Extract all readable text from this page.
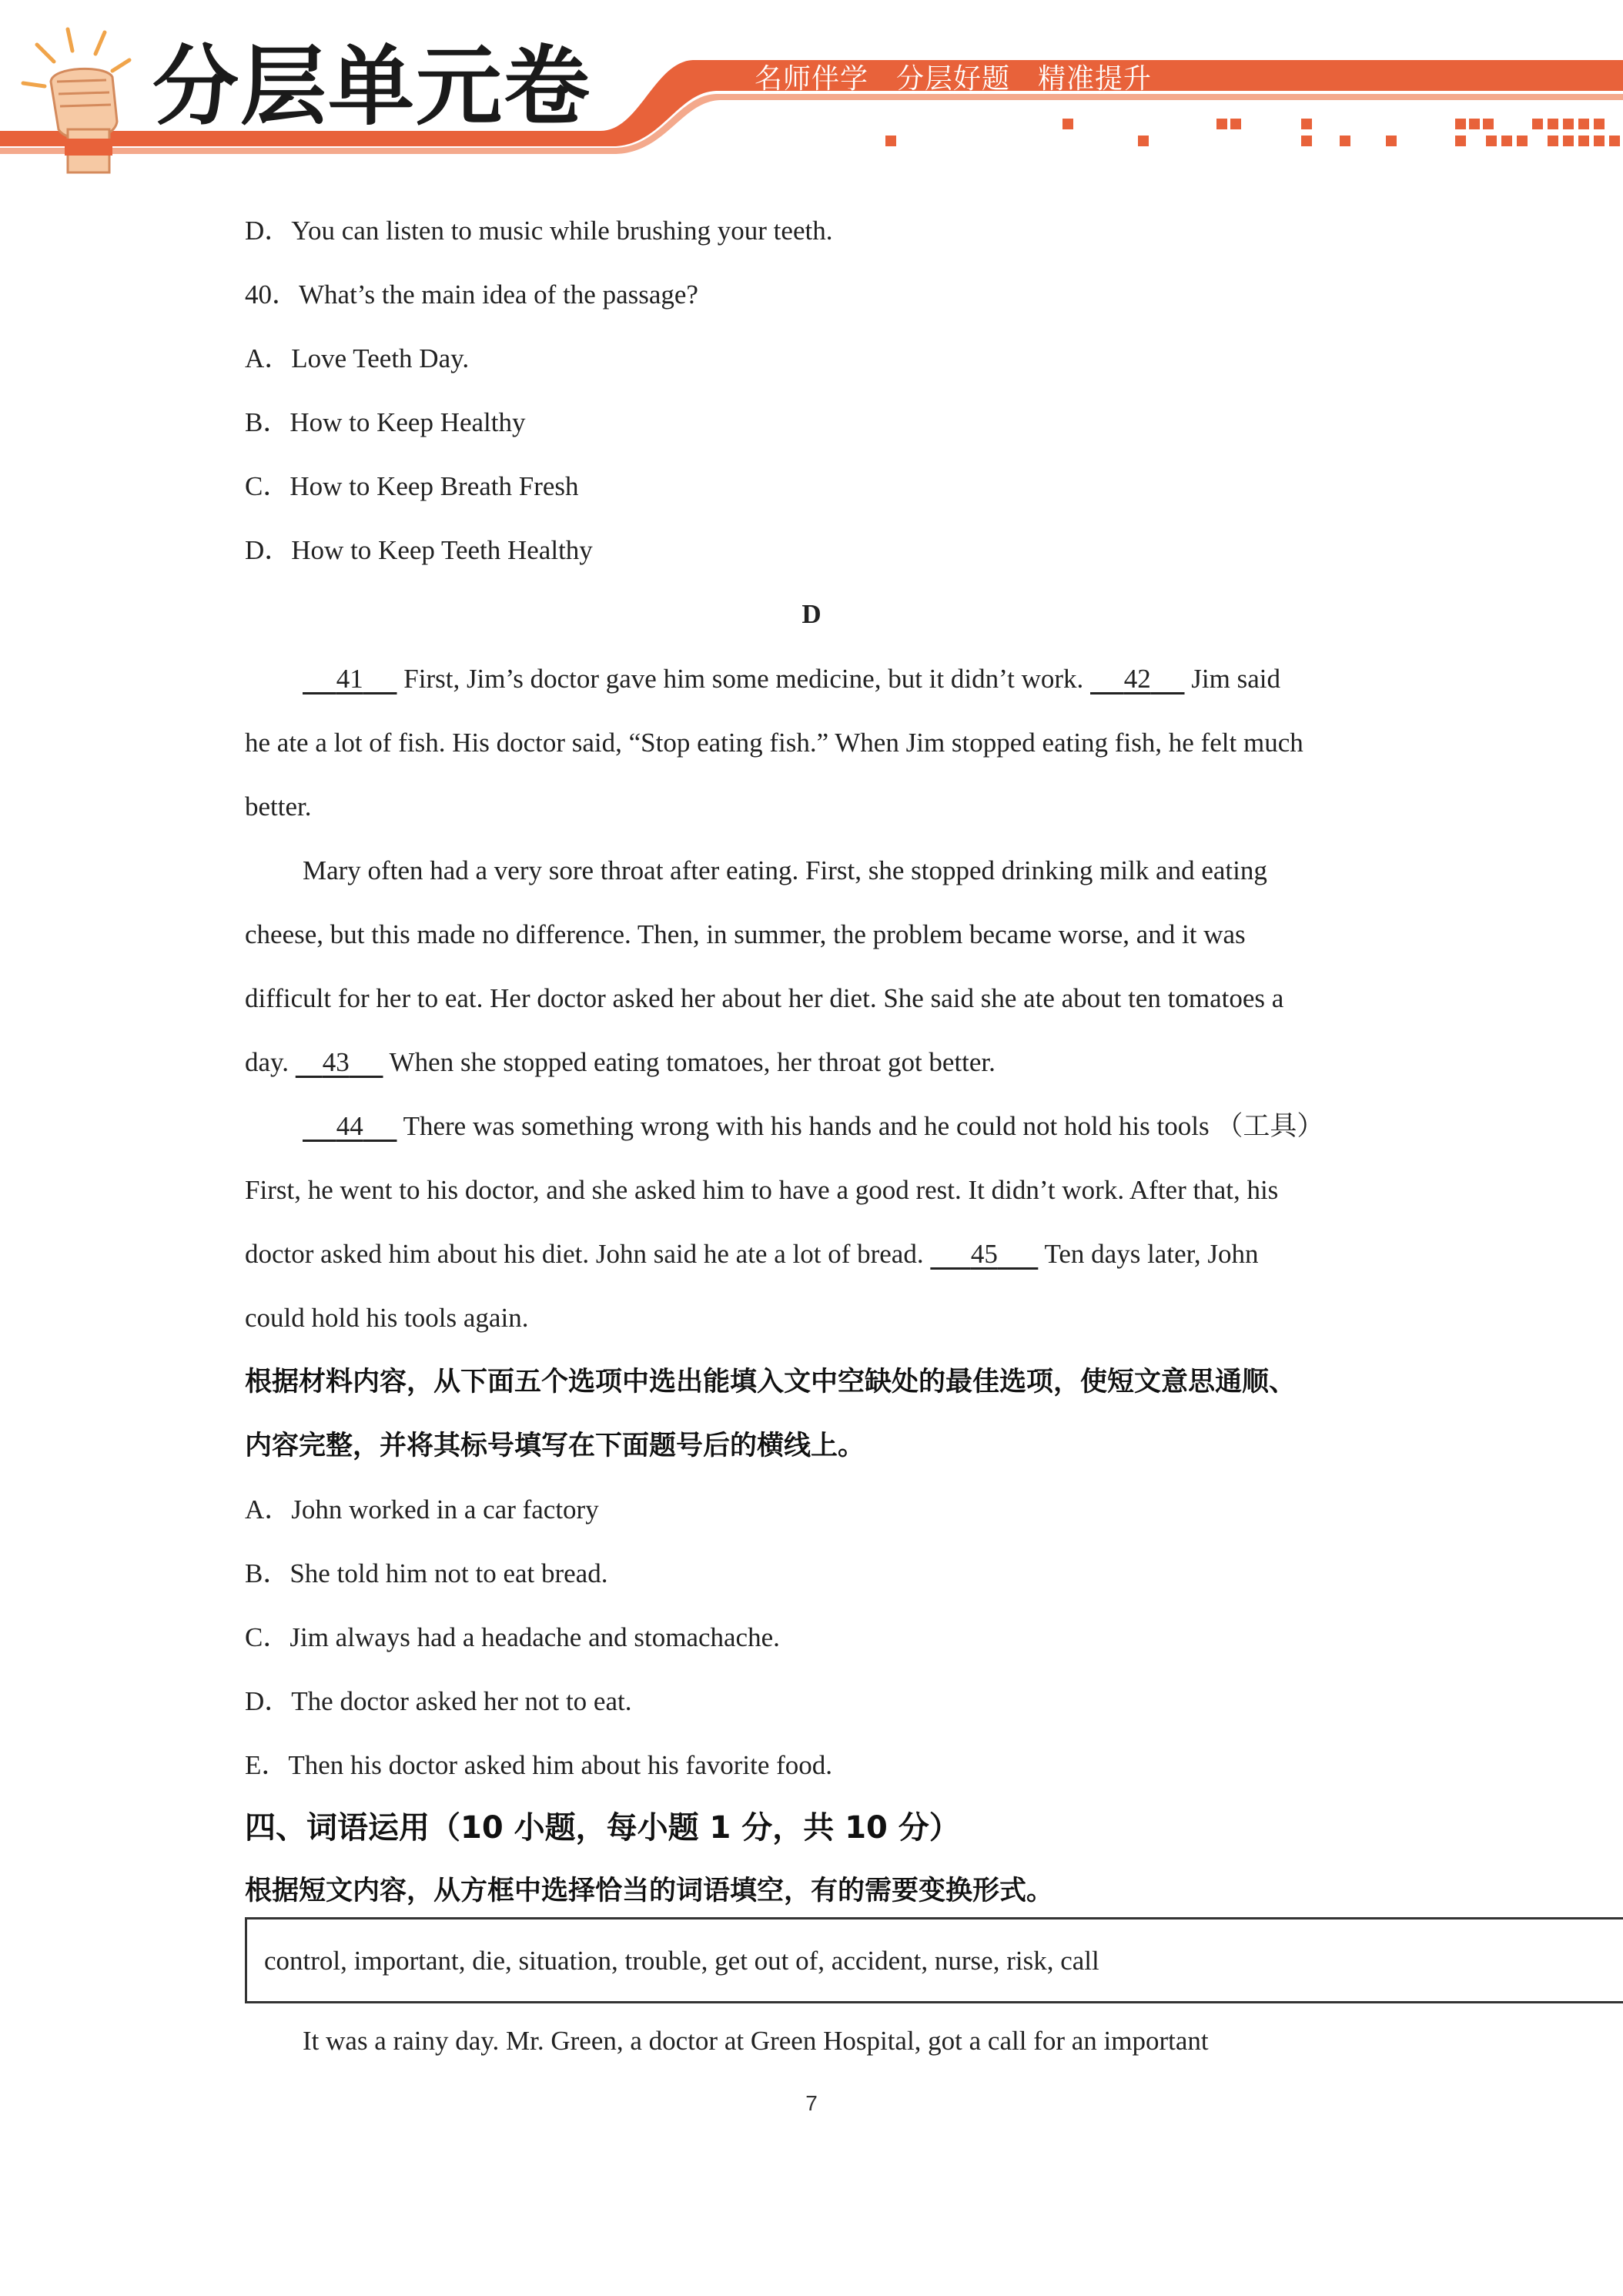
分层单元卷	名师伴学 分层好题 精准提升
D．You can listen to music while brushing your teeth.
40．What’s the main idea of the passage?
A．Love Teeth Day.
B．How to Keep Healthy
C．How to Keep Breath Fresh
D．How to Keep Teeth Healthy
D
41      First, Jim’s doctor gave him some medicine, but it didn’t work.      42      Jim said
he ate a lot of fish. His doctor said, “Stop eating fish.” When Jim stopped eating fish, he felt much
better.
Mary often had a very sore throat after eating. First, she stopped drinking milk and eating
cheese, but this made no difference. Then, in summer, the problem became worse, and it was
difficult for her to eat. Her doctor asked her about her diet. She said she ate about ten tomatoes a
day.     43      When she stopped eating tomatoes, her throat got better.
44      There was something wrong with his hands and he could not hold his tools （工具）
First, he went to his doctor, and she asked him to have a good rest. It didn’t work. After that, his
doctor asked him about his diet. John said he ate a lot of bread.       45       Ten days later, John
could hold his tools again.
根据材料内容，从下面五个选项中选出能填入文中空缺处的最佳选项，使短文意思通顺、
内容完整，并将其标号填写在下面题号后的横线上。
A．John worked in a car factory
B．She told him not to eat bread.
C．Jim always had a headache and stomachache.
D．The doctor asked her not to eat.
E．Then his doctor asked him about his favorite food.
四、词语运用（10 小题，每小题 1 分，共 10 分）
根据短文内容，从方框中选择恰当的词语填空，有的需要变换形式。
control, important, die, situation, trouble, get out of, accident, nurse, risk, call
It was a rainy day. Mr. Green, a doctor at Green Hospital, got a call for an important
7
